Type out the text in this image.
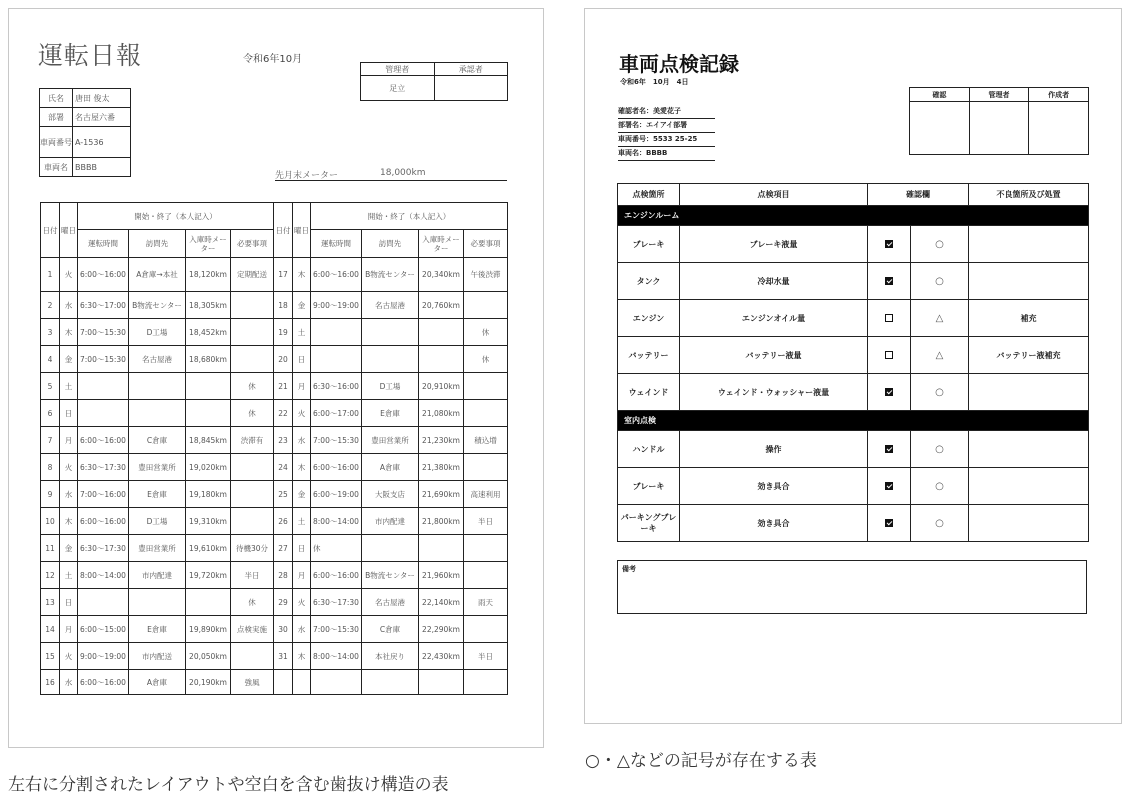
運転日報	令和6年10月
管理者	承認者
足立	
氏名	唐田 俊太
部署	名古屋六番
車両番号	A-1536
車両名	BBBB
先月末メーター	18,000km
日付	曜日	開始・終了（本人記入）				日付	曜日	開始・終了（本人記入）			
		運転時間	訪問先	入庫時メーター	必要事項			運転時間	訪問先	入庫時メーター	必要事項
1	火	6:00〜16:00	A倉庫→本社	18,120km	定期配送	17	木	6:00〜16:00	B物流センター	20,340km	午後渋滞
2	水	6:30〜17:00	B物流センター	18,305km		18	金	9:00〜19:00	名古屋港	20,760km	
3	木	7:00〜15:30	D工場	18,452km		19	土				休
4	金	7:00〜15:30	名古屋港	18,680km		20	日				休
5	土				休	21	月	6:30〜16:00	D工場	20,910km	
6	日				休	22	火	6:00〜17:00	E倉庫	21,080km	
7	月	6:00〜16:00	C倉庫	18,845km	渋滞有	23	水	7:00〜15:30	豊田営業所	21,230km	積込増
8	火	6:30〜17:30	豊田営業所	19,020km		24	木	6:00〜16:00	A倉庫	21,380km	
9	水	7:00〜16:00	E倉庫	19,180km		25	金	6:00〜19:00	大阪支店	21,690km	高速利用
10	木	6:00〜16:00	D工場	19,310km		26	土	8:00〜14:00	市内配達	21,800km	半日
11	金	6:30〜17:30	豊田営業所	19,610km	待機30分	27	日	休			
12	土	8:00〜14:00	市内配達	19,720km	半日	28	月	6:00〜16:00	B物流センター	21,960km	
13	日				休	29	火	6:30〜17:30	名古屋港	22,140km	雨天
14	月	6:00〜15:00	E倉庫	19,890km	点検実施	30	水	7:00〜15:30	C倉庫	22,290km	
15	火	9:00〜19:00	市内配送	20,050km		31	木	8:00〜14:00	本社戻り	22,430km	半日
16	水	6:00〜16:00	A倉庫	20,190km	強風						
車両点検記録
令和6年　10月　4日
確認者名：美愛花子
部署名：エイアイ部署
車両番号：5533 25-25
車両名：BBBB
確認	管理者	作成者

点検箇所	点検項目	確認欄		不良箇所及び処置
エンジンルーム				
ブレーキ	ブレーキ液量		○	
タンク	冷却水量		○	
エンジン	エンジンオイル量		△	補充
バッテリー	バッテリー液量		△	バッテリー液補充
ウェインド	ウェインド・ウォッシャー液量		○	
室内点検				
ハンドル	操作		○	
ブレーキ	効き具合		○	
パーキングブレーキ	効き具合		○	
備考
左右に分割されたレイアウトや空白を含む歯抜け構造の表
○・△などの記号が存在する表
